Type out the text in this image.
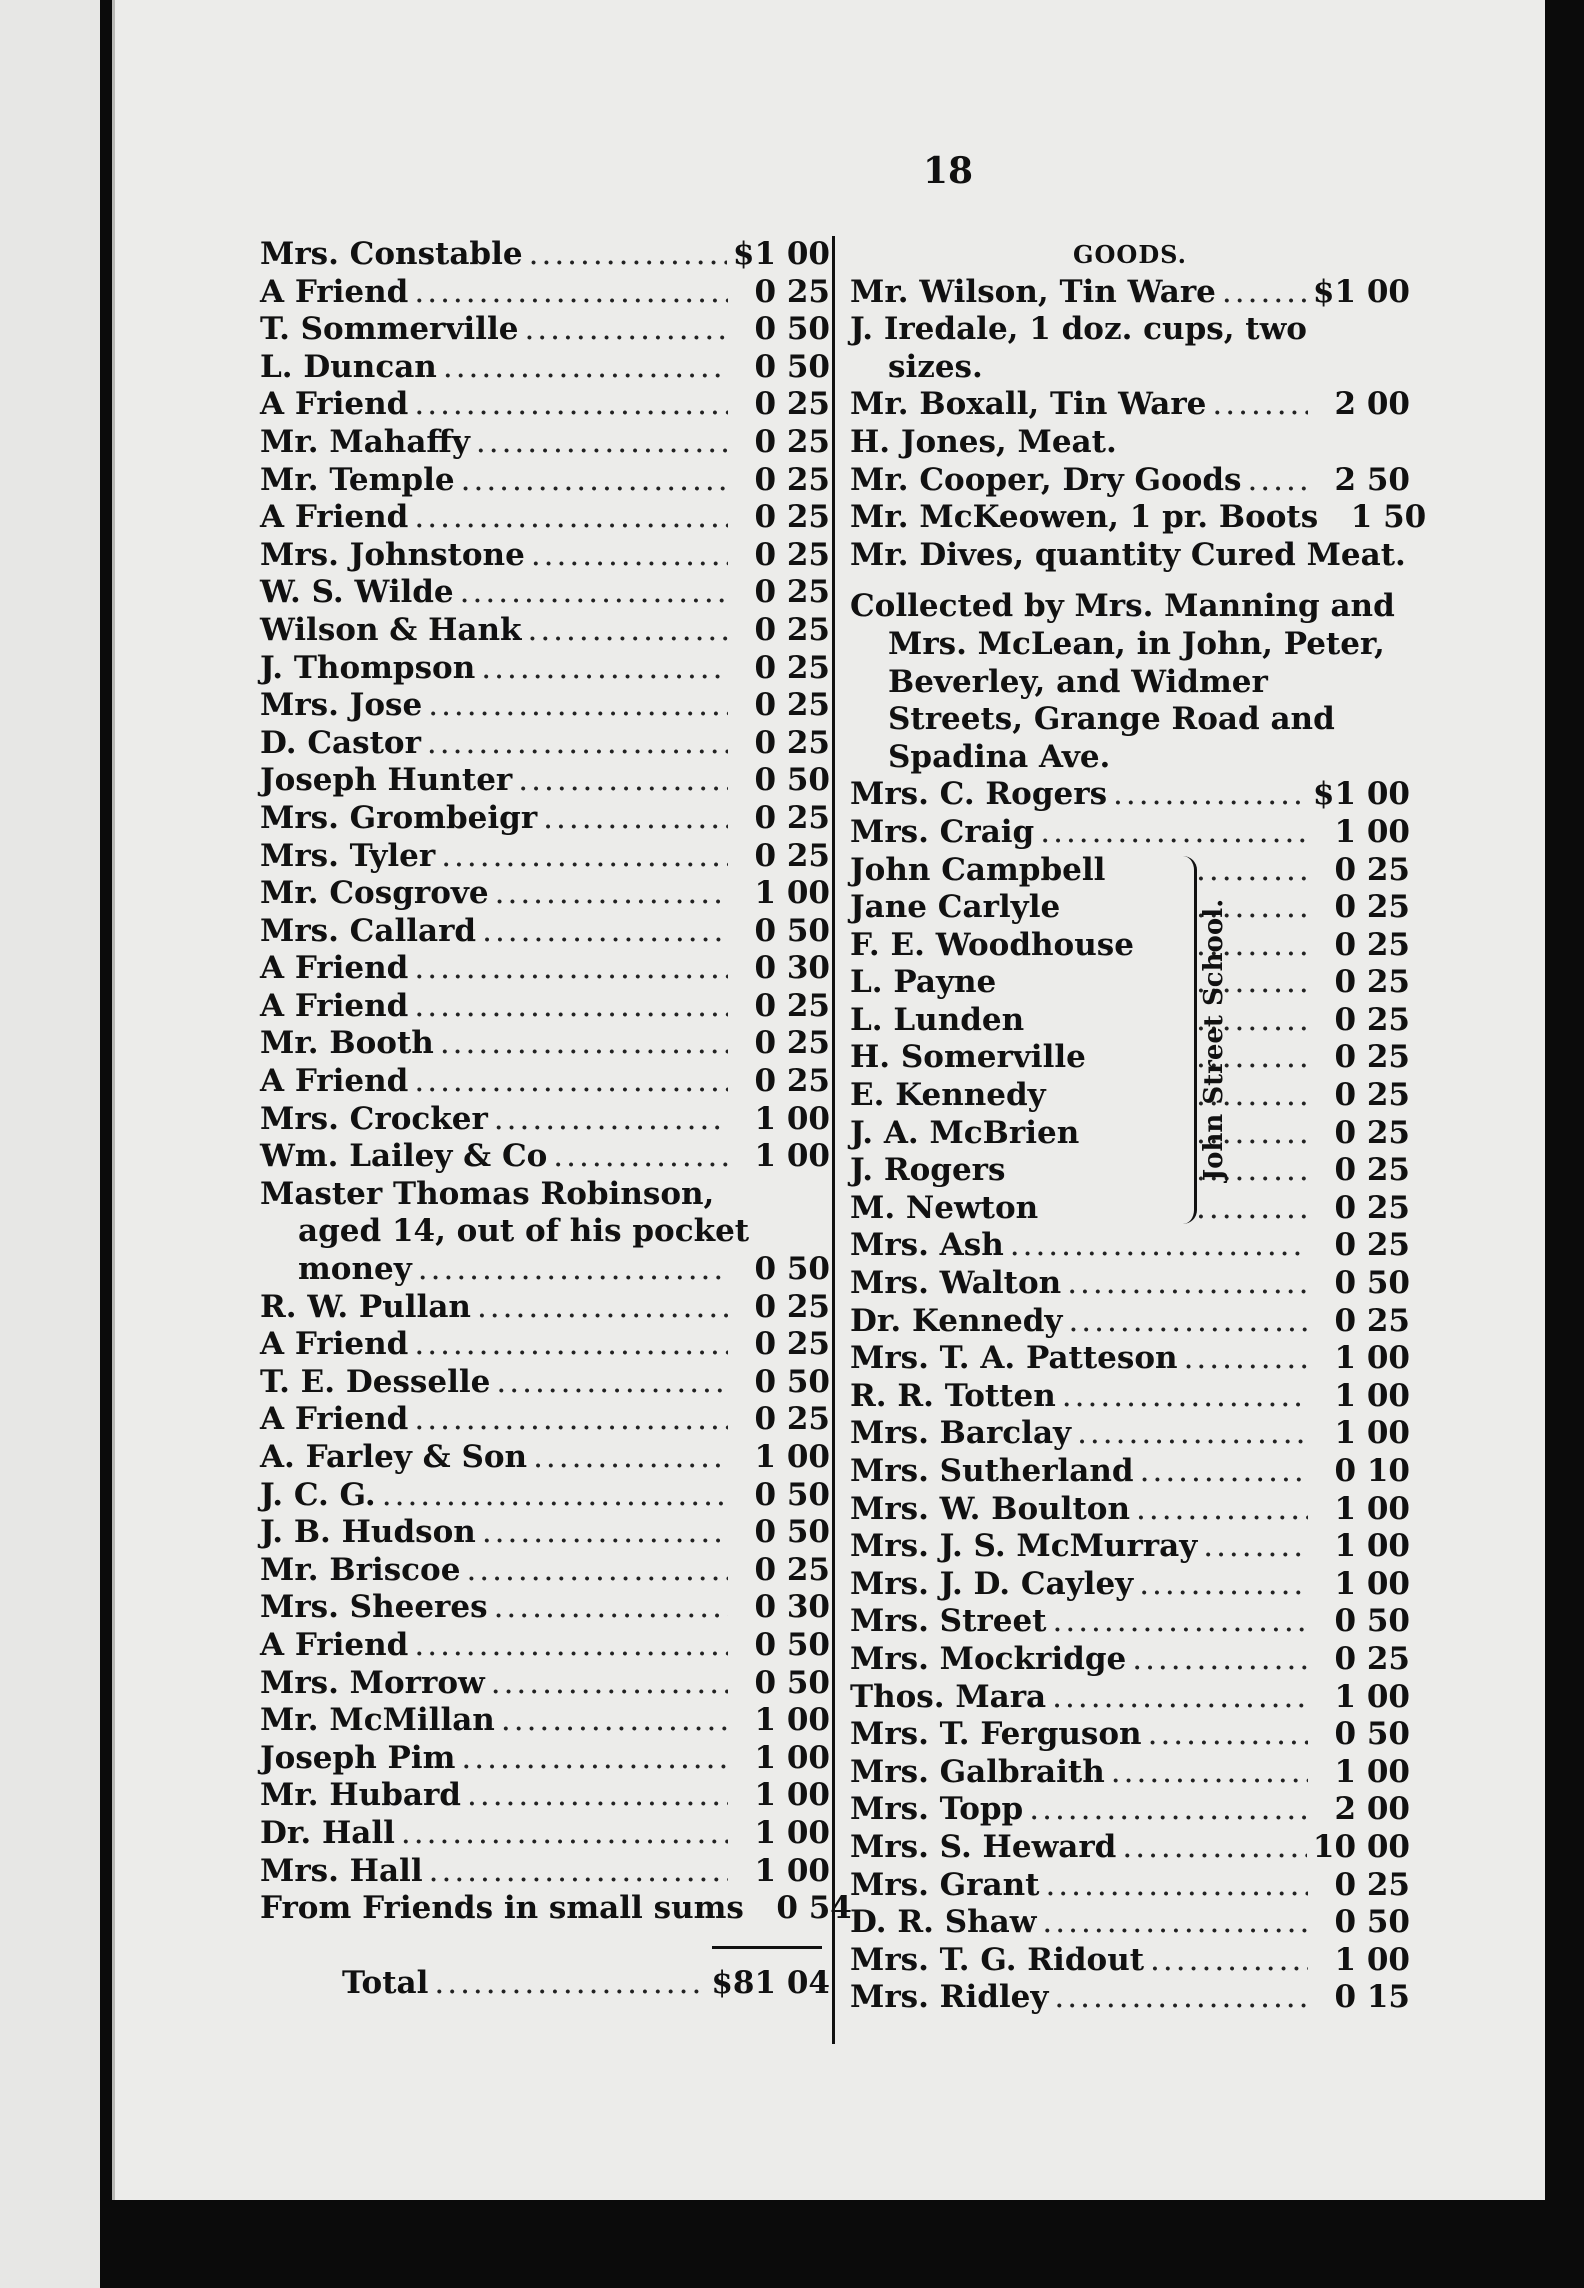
18
Mrs. Constable .....	$1 00
A Friend .....	0 25
T. Sommerville .....	0 50
L. Duncan .....	0 50
A Friend .....	0 25
Mr. Mahaffy .....	0 25
Mr. Temple .....	0 25
A Friend .....	0 25
Mrs. Johnstone .....	0 25
W. S. Wilde .....	0 25
Wilson & Hank .....	0 25
J. Thompson .....	0 25
Mrs. Jose .....	0 25
D. Castor .....	0 25
Joseph Hunter .....	0 50
Mrs. Grombeigr .....	0 25
Mrs. Tyler .....	0 25
Mr. Cosgrove .....	1 00
Mrs. Callard .....	0 50
A Friend .....	0 30
A Friend .....	0 25
Mr. Booth .....	0 25
A Friend .....	0 25
Mrs. Crocker .....	1 00
Wm. Lailey & Co .....	1 00
Master Thomas Robinson,
aged 14, out of his pocket
money .....	0 50
R. W. Pullan .....	0 25
A Friend .....	0 25
T. E. Desselle .....	0 50
A Friend .....	0 25
A. Farley & Son .....	1 00
J. C. G. .....	0 50
J. B. Hudson .....	0 50
Mr. Briscoe .....	0 25
Mrs. Sheeres .....	0 30
A Friend .....	0 50
Mrs. Morrow .....	0 50
Mr. McMillan .....	1 00
Joseph Pim .....	1 00
Mr. Hubard .....	1 00
Dr. Hall .....	1 00
Mrs. Hall .....	1 00
From Friends in small sums	0 54
Total .....	$81 04
GOODS.
Mr. Wilson, Tin Ware .....	$1 00
J. Iredale, 1 doz. cups, two
sizes.
Mr. Boxall, Tin Ware .....	2 00
H. Jones, Meat.
Mr. Cooper, Dry Goods .....	2 50
Mr. McKeowen, 1 pr. Boots	1 50
Mr. Dives, quantity Cured Meat.
Collected by Mrs. Manning and Mrs. McLean, in John, Peter, Beverley, and Widmer Streets, Grange Road and Spadina Ave.
Mrs. C. Rogers .....	$1 00
Mrs. Craig .....	1 00
John Campbell .....	0 25
Jane Carlyle .....	0 25
F. E. Woodhouse .....	0 25
L. Payne .....	0 25
L. Lunden .....	0 25
H. Somerville .....	0 25
E. Kennedy .....	0 25
J. A. McBrien .....	0 25
J. Rogers .....	0 25
M. Newton .....	0 25
John Street School.
Mrs. Ash .....	0 25
Mrs. Walton .....	0 50
Dr. Kennedy .....	0 25
Mrs. T. A. Patteson .....	1 00
R. R. Totten .....	1 00
Mrs. Barclay .....	1 00
Mrs. Sutherland .....	0 10
Mrs. W. Boulton .....	1 00
Mrs. J. S. McMurray .....	1 00
Mrs. J. D. Cayley .....	1 00
Mrs. Street .....	0 50
Mrs. Mockridge .....	0 25
Thos. Mara .....	1 00
Mrs. T. Ferguson .....	0 50
Mrs. Galbraith .....	1 00
Mrs. Topp .....	2 00
Mrs. S. Heward .....	10 00
Mrs. Grant .....	0 25
D. R. Shaw .....	0 50
Mrs. T. G. Ridout .....	1 00
Mrs. Ridley .....	0 15
